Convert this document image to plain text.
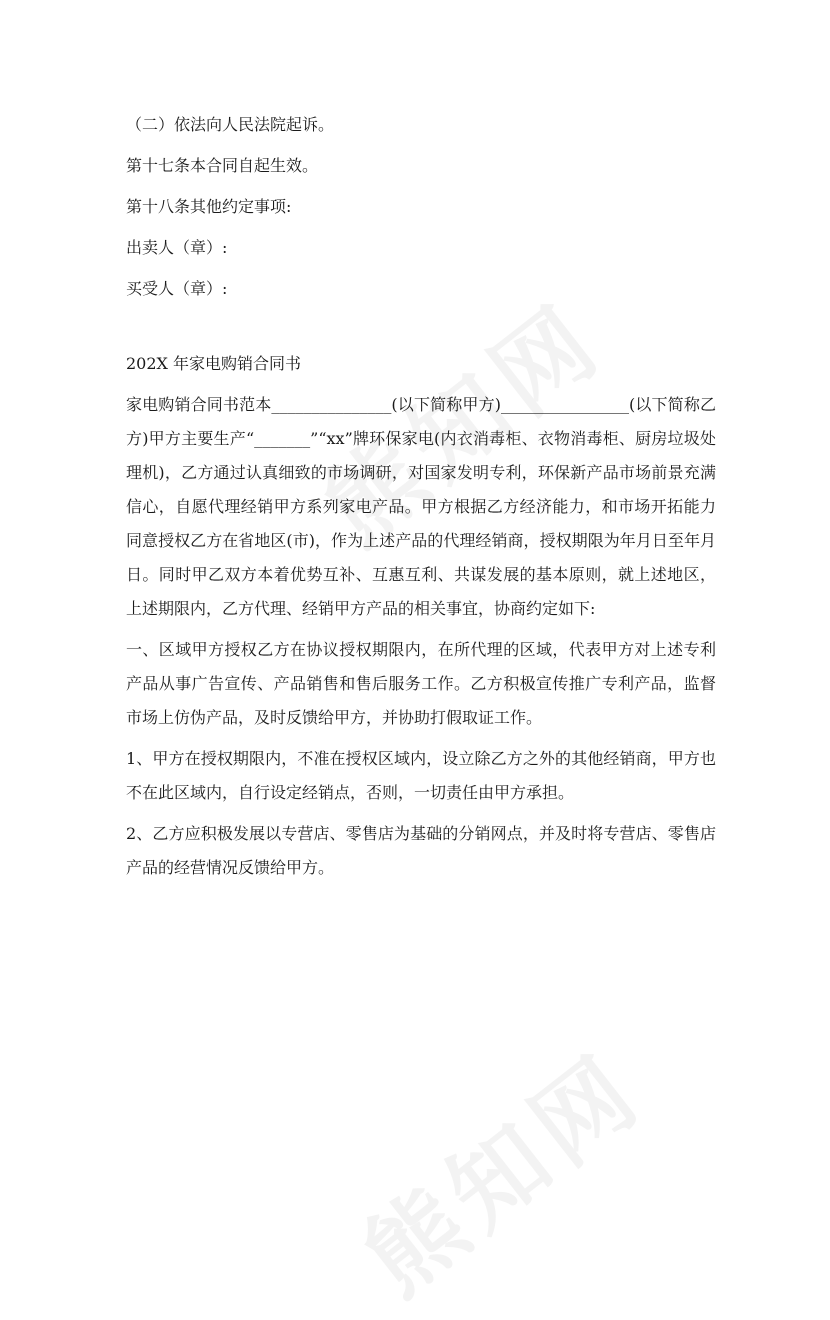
（二）依法向人民法院起诉。
第十七条本合同自起生效。
第十八条其他约定事项:
出卖人（章）:
买受人（章）:
202X 年家电购销合同书

家电购销合同书范本_______________(以下简称甲方)________________(以下简称乙方)甲方主要生产“_______”“xx”牌环保家电(内衣消毒柜、衣物消毒柜、厨房垃圾处理机)，乙方通过认真细致的市场调研，对国家发明专利，环保新产品市场前景充满信心，自愿代理经销甲方系列家电产品。甲方根据乙方经济能力，和市场开拓能力同意授权乙方在省地区(市)，作为上述产品的代理经销商，授权期限为年月日至年月日。同时甲乙双方本着优势互补、互惠互利、共谋发展的基本原则，就上述地区，上述期限内，乙方代理、经销甲方产品的相关事宜，协商约定如下:

一、区域甲方授权乙方在协议授权期限内，在所代理的区域，代表甲方对上述专利产品从事广告宣传、产品销售和售后服务工作。乙方积极宣传推广专利产品，监督市场上仿伪产品，及时反馈给甲方，并协助打假取证工作。

1、甲方在授权期限内，不准在授权区域内，设立除乙方之外的其他经销商，甲方也不在此区域内，自行设定经销点，否则，一切责任由甲方承担。

2、乙方应积极发展以专营店、零售店为基础的分销网点，并及时将专营店、零售店产品的经营情况反馈给甲方。
